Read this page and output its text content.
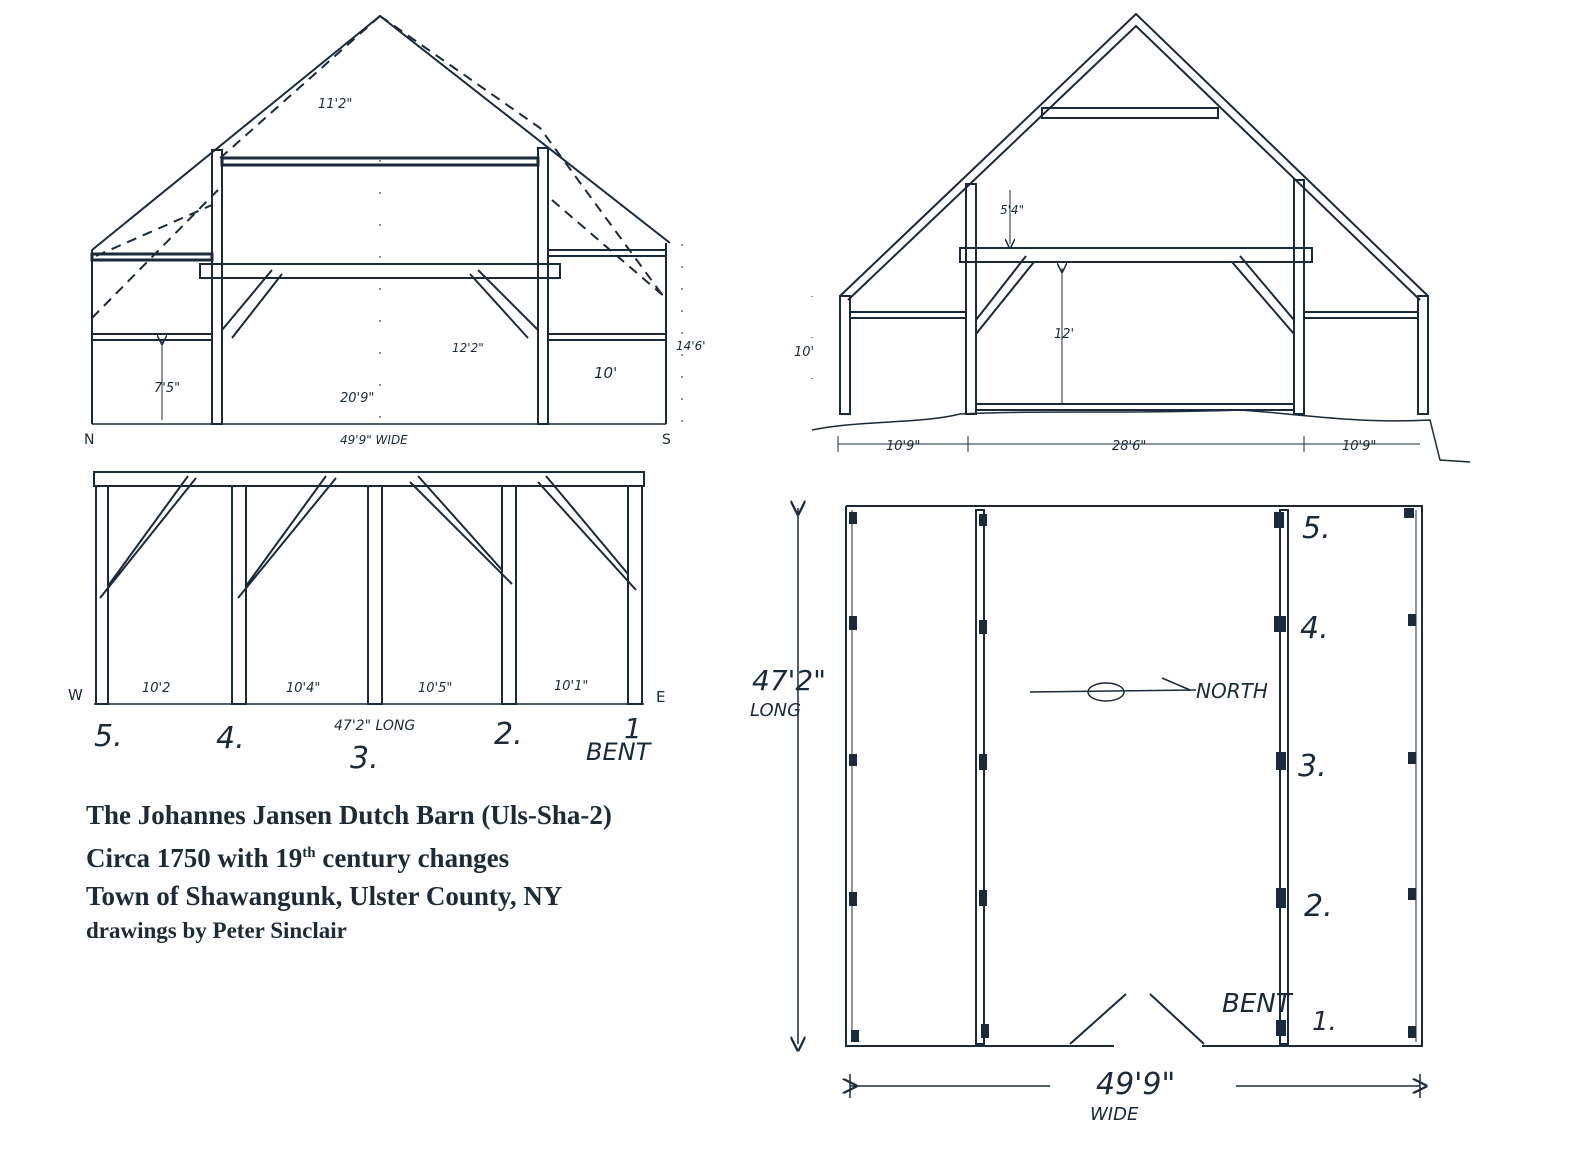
11'2"
14'6'
7'5"
12'2"
20'9"
10'
49'9" WIDE
N	S
10'2	10'4"	10'5"	10'1"
W	E
5.	4.
3.
2.	1
47'2" LONG
BENT
5'4"
10'
12'
10'9"	28'6"	10'9"
5.
4.
3.
2.
1.
BENT
47'2"
LONG
49'9"
WIDE
NORTH
The Johannes Jansen Dutch Barn (Uls-Sha-2)
Circa 1750 with 19th century changes
Town of Shawangunk, Ulster County, NY
drawings by Peter Sinclair
